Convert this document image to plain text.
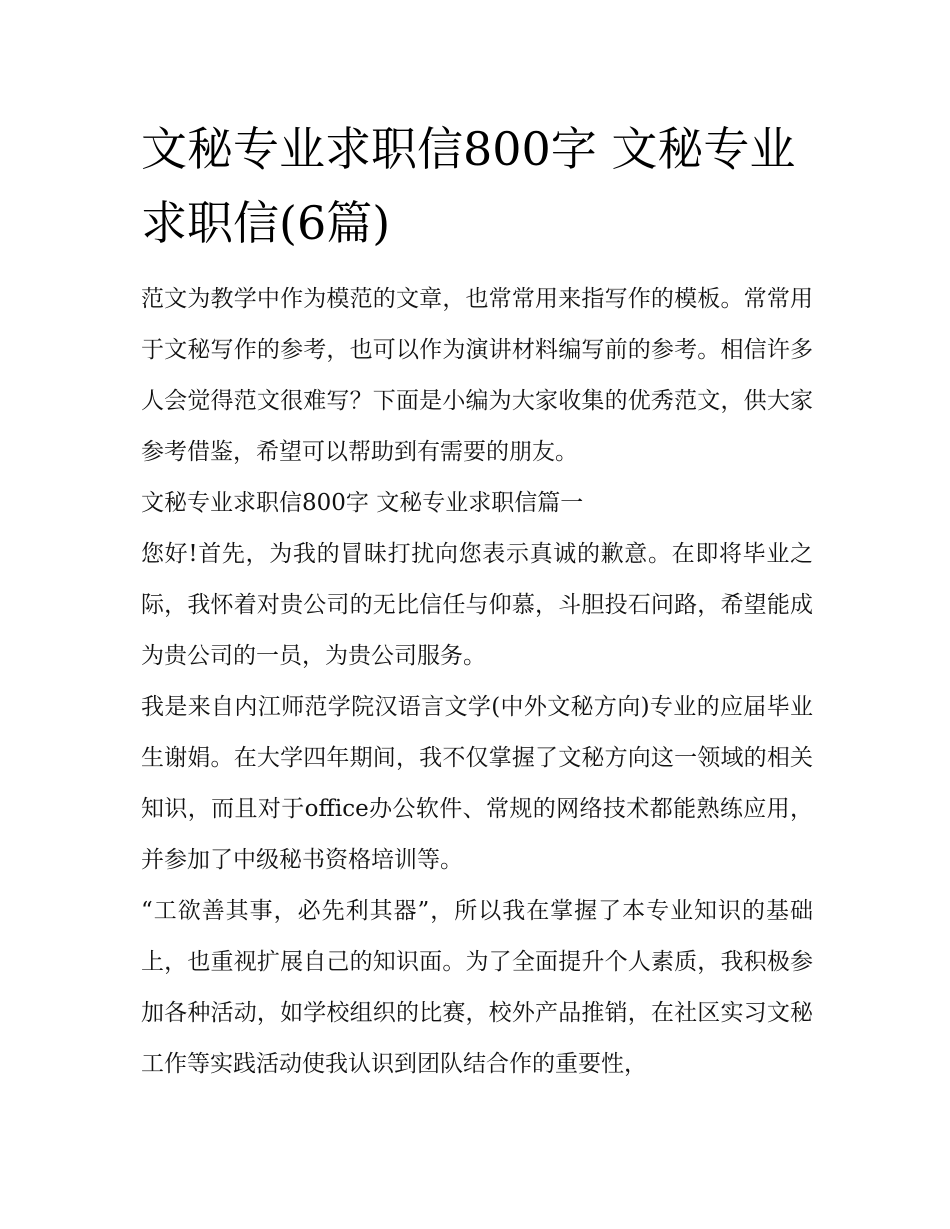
文秘专业求职信800字 文秘专业求职信(6篇)

范文为教学中作为模范的文章，也常常用来指写作的模板。常常用于文秘写作的参考，也可以作为演讲材料编写前的参考。相信许多人会觉得范文很难写？下面是小编为大家收集的优秀范文，供大家参考借鉴，希望可以帮助到有需要的朋友。

文秘专业求职信800字 文秘专业求职信篇一

您好!首先，为我的冒昧打扰向您表示真诚的歉意。在即将毕业之际，我怀着对贵公司的无比信任与仰慕，斗胆投石问路，希望能成为贵公司的一员，为贵公司服务。

我是来自内江师范学院汉语言文学(中外文秘方向)专业的应届毕业生谢娟。在大学四年期间，我不仅掌握了文秘方向这一领域的相关知识，而且对于office办公软件、常规的网络技术都能熟练应用，并参加了中级秘书资格培训等。

“工欲善其事，必先利其器”，所以我在掌握了本专业知识的基础上，也重视扩展自己的知识面。为了全面提升个人素质，我积极参加各种活动，如学校组织的比赛，校外产品推销，在社区实习文秘工作等实践活动使我认识到团队结合作的重要性，
